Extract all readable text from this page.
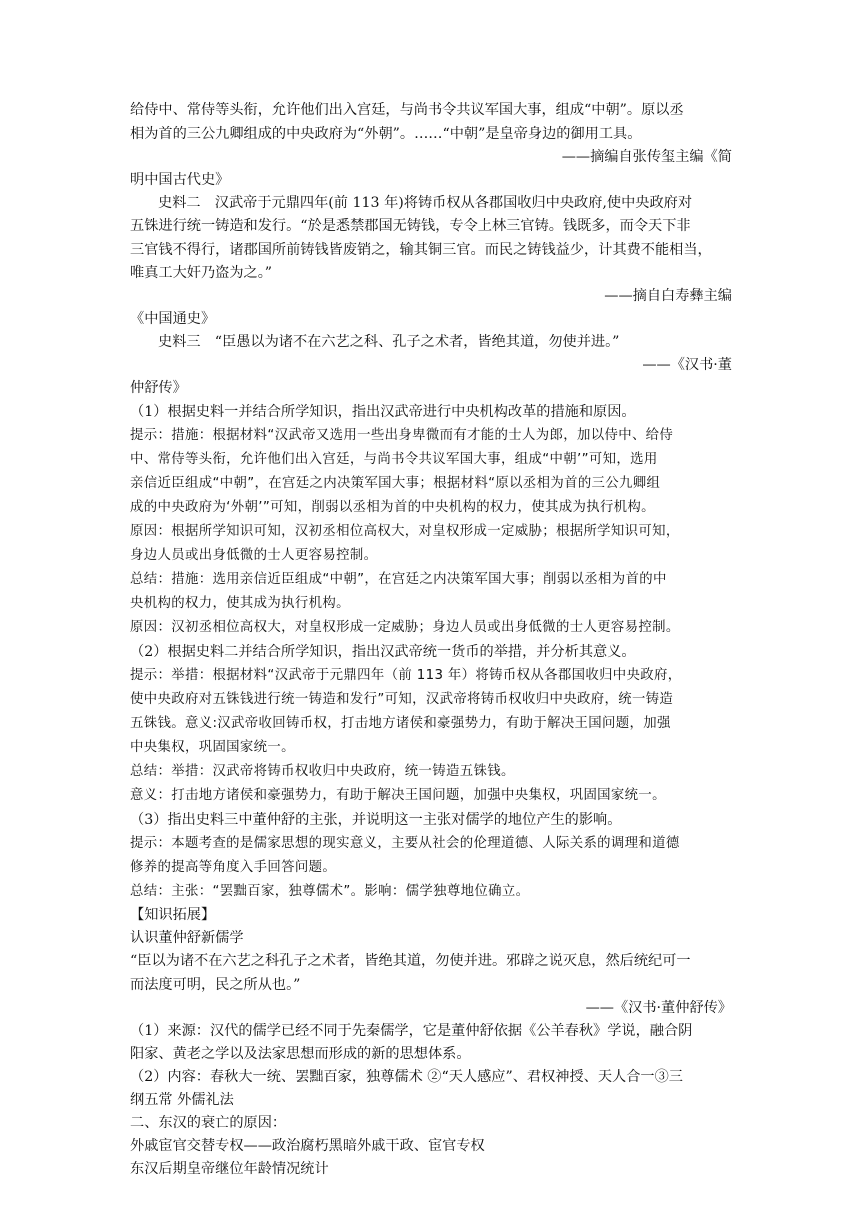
给侍中、常侍等头衔，允许他们出入宫廷，与尚书令共议军国大事，组成“中朝”。原以丞
相为首的三公九卿组成的中央政府为“外朝”。……“中朝”是皇帝身边的御用工具。
——摘编自张传玺主编《简
明中国古代史》
史料二　汉武帝于元鼎四年(前 113 年)将铸币权从各郡国收归中央政府,使中央政府对
五铢进行统一铸造和发行。“於是悉禁郡国无铸钱，专令上林三官铸。钱既多，而令天下非
三官钱不得行，诸郡国所前铸钱皆废销之，输其铜三官。而民之铸钱益少，计其费不能相当，
唯真工大奸乃盗为之。”
——摘自白寿彝主编
《中国通史》
史料三　“臣愚以为诸不在六艺之科、孔子之术者，皆绝其道，勿使并进。”
——《汉书·董
仲舒传》
（1）根据史料一并结合所学知识，指出汉武帝进行中央机构改革的措施和原因。
提示：措施：根据材料“汉武帝又选用一些出身卑微而有才能的士人为郎，加以侍中、给侍
中、常侍等头衔，允许他们出入宫廷，与尚书令共议军国大事，组成“中朝’”可知，选用
亲信近臣组成“中朝”，在宫廷之内决策军国大事；根据材料“原以丞相为首的三公九卿组
成的中央政府为‘外朝’”可知，削弱以丞相为首的中央机构的权力，使其成为执行机构。
原因：根据所学知识可知，汉初丞相位高权大，对皇权形成一定威胁；根据所学知识可知，
身边人员或出身低微的士人更容易控制。
总结：措施：选用亲信近臣组成“中朝”，在宫廷之内决策军国大事；削弱以丞相为首的中
央机构的权力，使其成为执行机构。
原因：汉初丞相位高权大，对皇权形成一定威胁；身边人员或出身低微的士人更容易控制。
（2）根据史料二并结合所学知识，指出汉武帝统一货币的举措，并分析其意义。
提示：举措：根据材料“汉武帝于元鼎四年（前 113 年）将铸币权从各郡国收归中央政府，
使中央政府对五铢钱进行统一铸造和发行”可知，汉武帝将铸币权收归中央政府，统一铸造
五铢钱。意义:汉武帝收回铸币权，打击地方诸侯和豪强势力，有助于解决王国问题，加强
中央集权，巩固国家统一。
总结：举措：汉武帝将铸币权收归中央政府，统一铸造五铢钱。
意义：打击地方诸侯和豪强势力，有助于解决王国问题，加强中央集权，巩固国家统一。
（3）指出史料三中董仲舒的主张，并说明这一主张对儒学的地位产生的影响。
提示：本题考查的是儒家思想的现实意义，主要从社会的伦理道德、人际关系的调理和道德
修养的提高等角度入手回答问题。
总结：主张：“罢黜百家，独尊儒术”。影响：儒学独尊地位确立。
【知识拓展】
认识董仲舒新儒学
“臣以为诸不在六艺之科孔子之术者，皆绝其道，勿使并进。邪辟之说灭息，然后统纪可一
而法度可明，民之所从也。”
——《汉书·董仲舒传》
（1）来源：汉代的儒学已经不同于先秦儒学，它是董仲舒依据《公羊春秋》学说，融合阴
阳家、黄老之学以及法家思想而形成的新的思想体系。
（2）内容：春秋大一统、罢黜百家，独尊儒术 ②“天人感应”、君权神授、天人合一③三
纲五常 外儒礼法
二、东汉的衰亡的原因：
外戚宦官交替专权——政治腐朽黑暗外戚干政、宦官专权
东汉后期皇帝继位年龄情况统计
